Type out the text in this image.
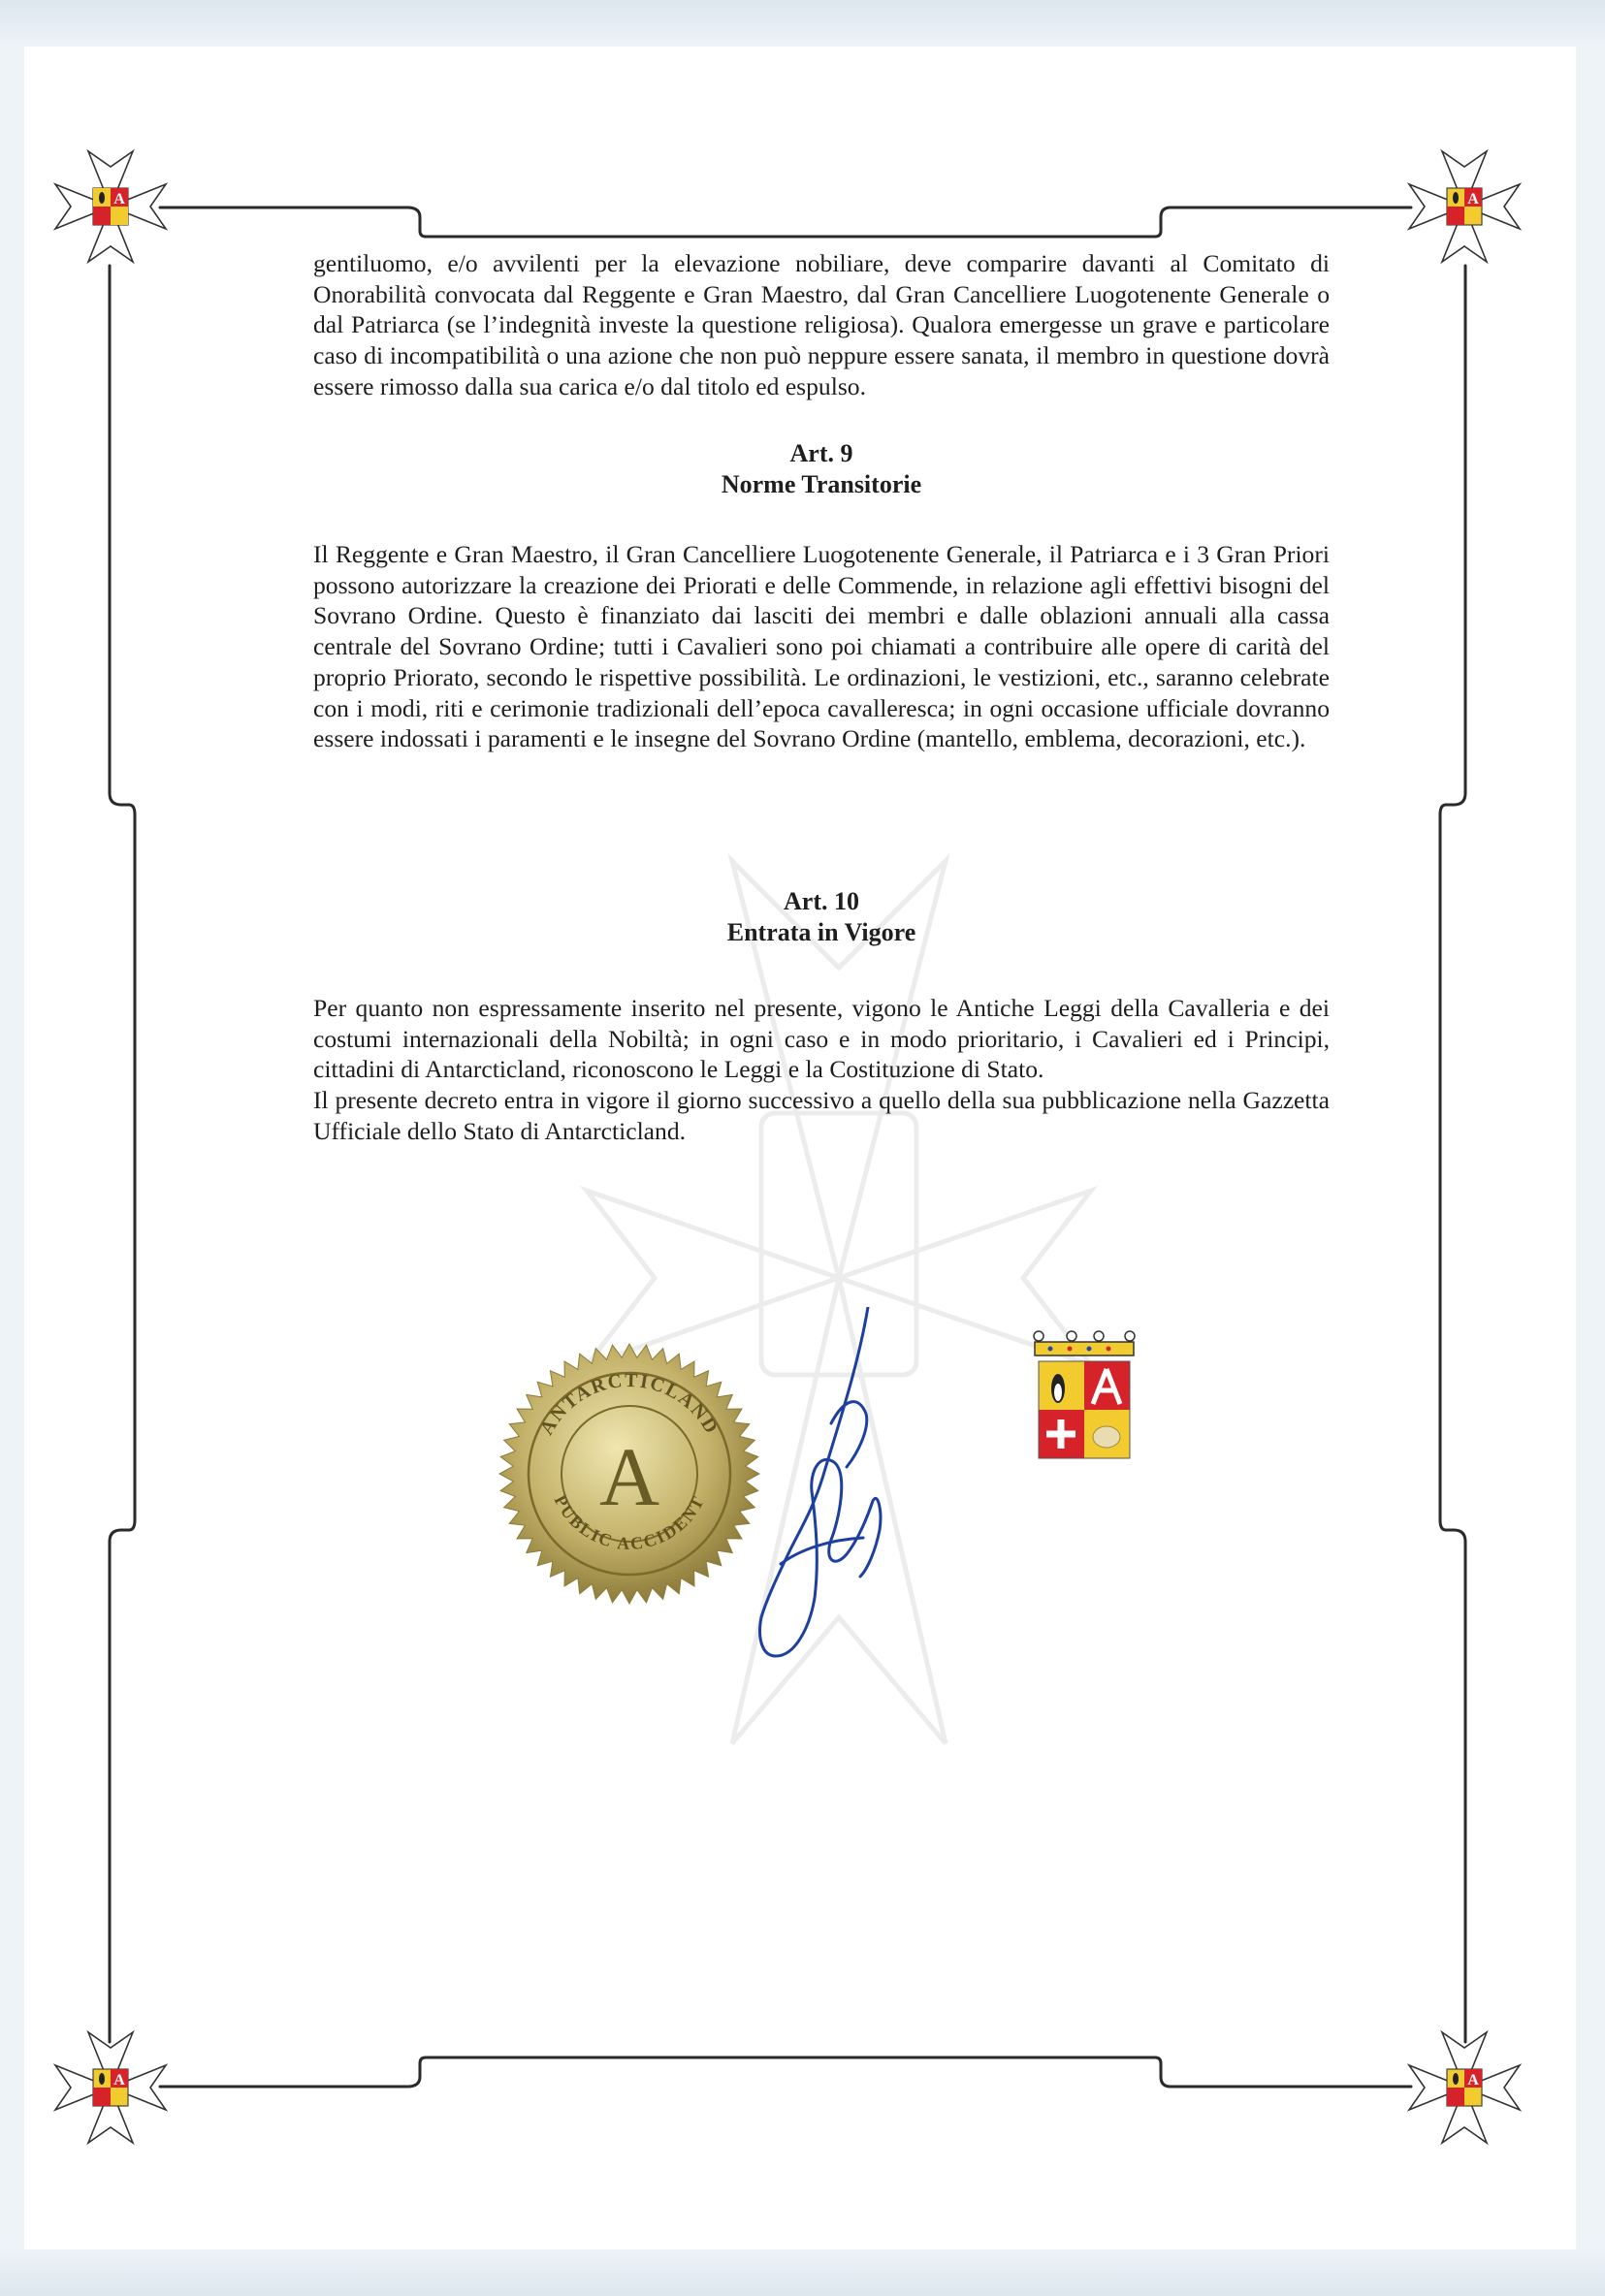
A	A
A	A

gentiluomo, e/o avvilenti per la elevazione nobiliare, deve comparire davanti al Comitato di Onorabilità convocata dal Reggente e Gran Maestro, dal Gran Cancelliere Luogotenente Generale o dal Patriarca (se l’indegnità investe la questione religiosa). Qualora emergesse un grave e particolare caso di incompatibilità o una azione che non può neppure essere sanata, il membro in questione dovrà essere rimosso dalla sua carica e/o dal titolo ed espulso.

Art. 9
Norme Transitorie

Il Reggente e Gran Maestro, il Gran Cancelliere Luogotenente Generale, il Patriarca e i 3 Gran Priori possono autorizzare la creazione dei Priorati e delle Commende, in relazione agli effettivi bisogni del Sovrano Ordine. Questo è finanziato dai lasciti dei membri e dalle oblazioni annuali alla cassa centrale del Sovrano Ordine; tutti i Cavalieri sono poi chiamati a contribuire alle opere di carità del proprio Priorato, secondo le rispettive possibilità. Le ordinazioni, le vestizioni, etc., saranno celebrate con i modi, riti e cerimonie tradizionali dell’epoca cavalleresca; in ogni occasione ufficiale dovranno essere indossati i paramenti e le insegne del Sovrano Ordine (mantello, emblema, decorazioni, etc.).

Art. 10
Entrata in Vigore

Per quanto non espressamente inserito nel presente, vigono le Antiche Leggi della Cavalleria e dei costumi internazionali della Nobiltà; in ogni caso e in modo prioritario, i Cavalieri ed i Principi, cittadini di Antarcticland, riconoscono le Leggi e la Costituzione di Stato.

Il presente decreto entra in vigore il giorno successivo a quello della sua pubblicazione nella Gazzetta Ufficiale dello Stato di Antarcticland.

ANTARCTICLAND
PUBLIC ACCIDENT
A
